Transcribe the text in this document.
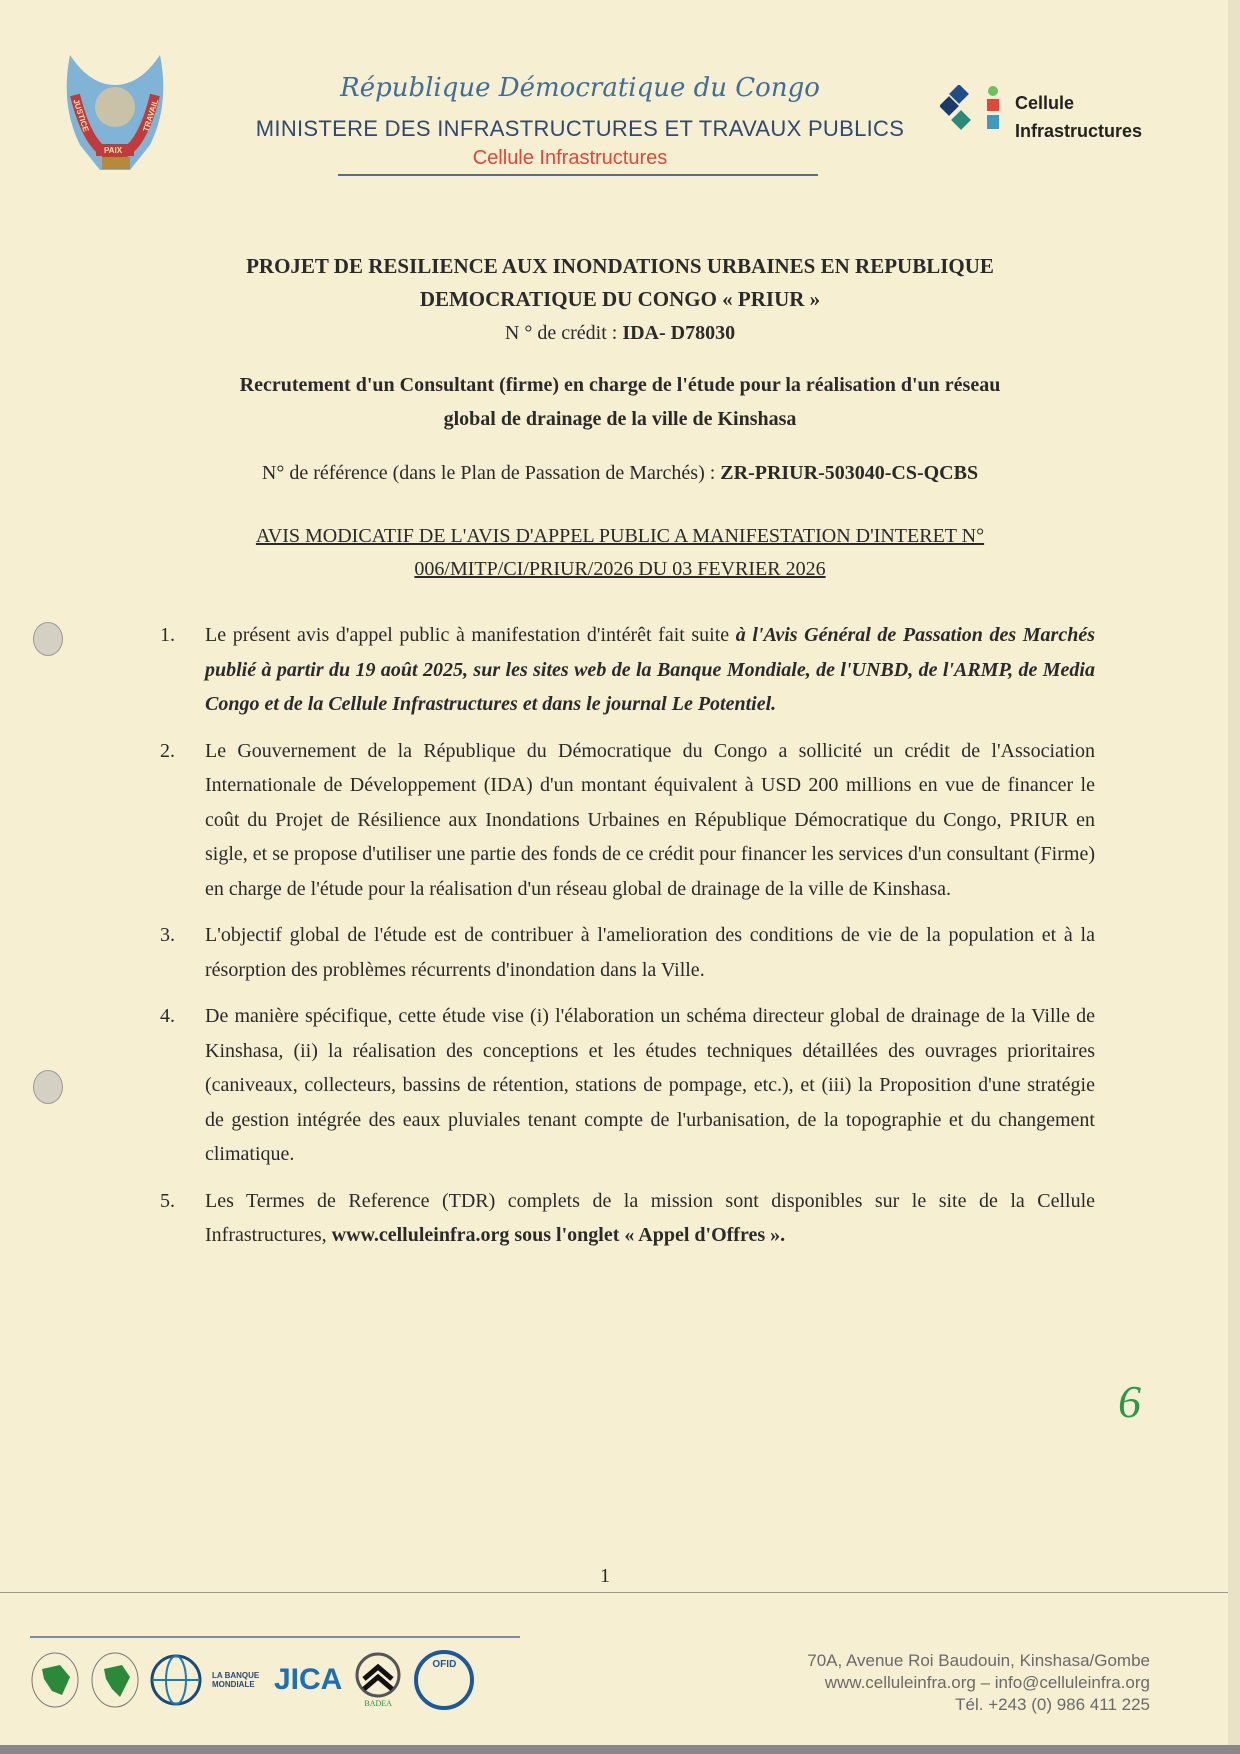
JUSTICE
PAIX
TRAVAIL
République Démocratique du Congo
MINISTERE DES INFRASTRUCTURES ET TRAVAUX PUBLICS
Cellule Infrastructures
Cellule
Infrastructures
PROJET DE RESILIENCE AUX INONDATIONS URBAINES EN REPUBLIQUE
DEMOCRATIQUE DU CONGO « PRIUR »
N ° de crédit : IDA- D78030
Recrutement d'un Consultant (firme) en charge de l'étude pour la réalisation d'un réseau
global de drainage de la ville de Kinshasa
N° de référence (dans le Plan de Passation de Marchés) : ZR-PRIUR-503040-CS-QCBS
AVIS MODICATIF DE L'AVIS D'APPEL PUBLIC A MANIFESTATION D'INTERET N°
006/MITP/CI/PRIUR/2026 DU 03 FEVRIER 2026
1.	Le présent avis d'appel public à manifestation d'intérêt fait suite à l'Avis Général de Passation des Marchés publié à partir du 19 août 2025, sur les sites web de la Banque Mondiale, de l'UNBD, de l'ARMP, de Media Congo et de la Cellule Infrastructures et dans le journal Le Potentiel.
2.	Le Gouvernement de la République du Démocratique du Congo a sollicité un crédit de l'Association Internationale de Développement (IDA) d'un montant équivalent à USD 200 millions en vue de financer le coût du Projet de Résilience aux Inondations Urbaines en République Démocratique du Congo, PRIUR en sigle, et se propose d'utiliser une partie des fonds de ce crédit pour financer les services d'un consultant (Firme) en charge de l'étude pour la réalisation d'un réseau global de drainage de la ville de Kinshasa.
3.	L'objectif global de l'étude est de contribuer à l'amelioration des conditions de vie de la population et à la résorption des problèmes récurrents d'inondation dans la Ville.
4.	De manière spécifique, cette étude vise (i) l'élaboration un schéma directeur global de drainage de la Ville de Kinshasa, (ii) la réalisation des conceptions et les études techniques détaillées des ouvrages prioritaires (caniveaux, collecteurs, bassins de rétention, stations de pompage, etc.), et (iii) la Proposition d'une stratégie de gestion intégrée des eaux pluviales tenant compte de l'urbanisation, de la topographie et du changement climatique.
5.	Les Termes de Reference (TDR) complets de la mission sont disponibles sur le site de la Cellule Infrastructures, www.celluleinfra.org sous l'onglet « Appel d'Offres ».
6
1
LA BANQUE MONDIALE JICA
BADEA
OFID	70A, Avenue Roi Baudouin, Kinshasa/Gombe
www.celluleinfra.org – info@celluleinfra.org
Tél. +243 (0) 986 411 225
